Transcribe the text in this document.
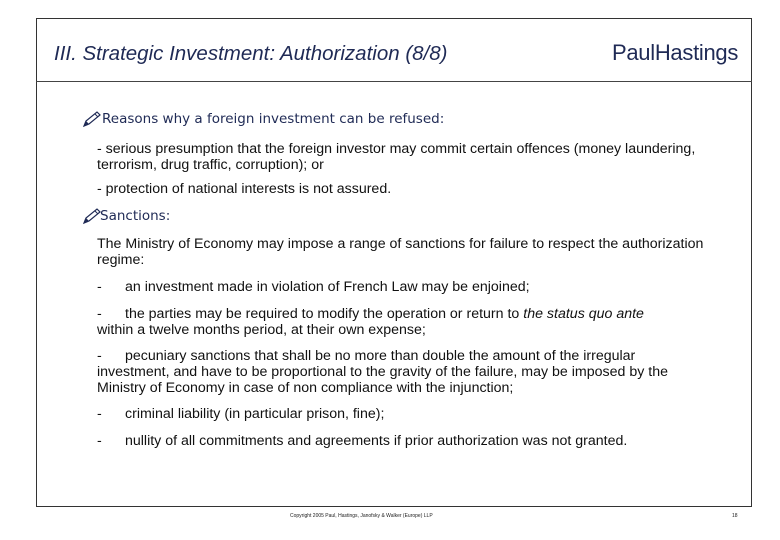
III. Strategic Investment: Authorization (8/8)	PaulHastings
Reasons why a foreign investment can be refused:
- serious presumption that the foreign investor may commit certain offences (money laundering, terrorism, drug traffic, corruption); or
- protection of national interests is not assured.
Sanctions:
The Ministry of Economy may impose a range of sanctions for failure to respect the authorization regime:
- an investment made in violation of French Law may be enjoined;
- the parties may be required to modify the operation or return to the status quo ante
within a twelve months period, at their own expense;
- pecuniary sanctions that shall be no more than double the amount of the irregular
investment, and have to be proportional to the gravity of the failure, may be imposed by the Ministry of Economy in case of non compliance with the injunction;
- criminal liability (in particular prison, fine);
- nullity of all commitments and agreements if prior authorization was not granted.
Copyright 2005 Paul, Hastings, Janofsky & Walker (Europe) LLP	18
